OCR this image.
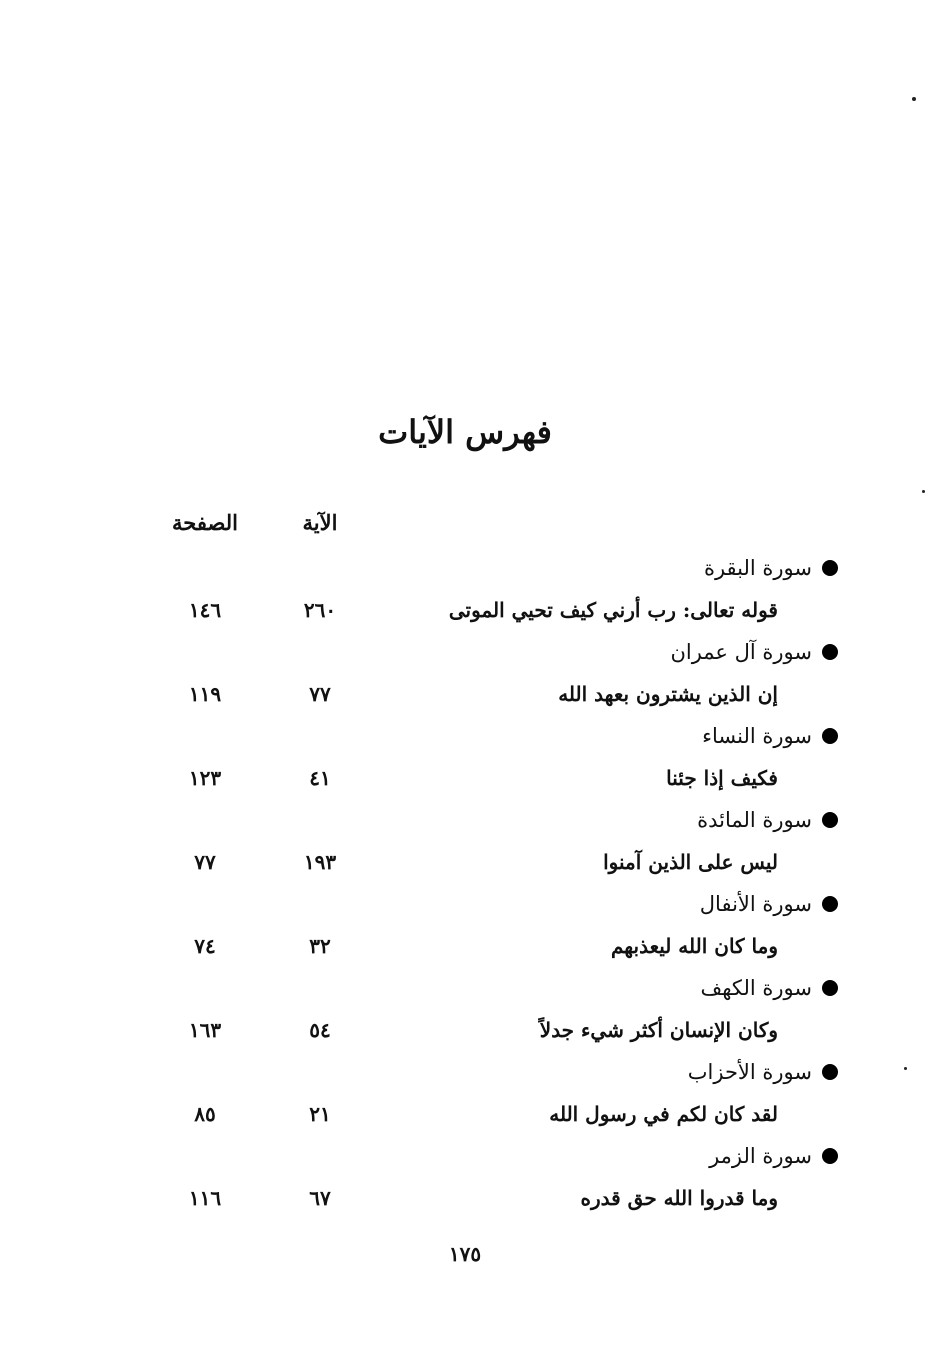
فهرس الآيات
الآية
الصفحة
سورة البقرة
قوله تعالى: رب أرني كيف تحيي الموتى
٢٦٠
١٤٦
سورة آل عمران
إن الذين يشترون بعهد الله
٧٧
١١٩
سورة النساء
فكيف إذا جئنا
٤١
١٢٣
سورة المائدة
ليس على الذين آمنوا
١٩٣
٧٧
سورة الأنفال
وما كان الله ليعذبهم
٣٢
٧٤
سورة الكهف
وكان الإنسان أكثر شيء جدلاً
٥٤
١٦٣
سورة الأحزاب
لقد كان لكم في رسول الله
٢١
٨٥
سورة الزمر
وما قدروا الله حق قدره
٦٧
١١٦
١٧٥
